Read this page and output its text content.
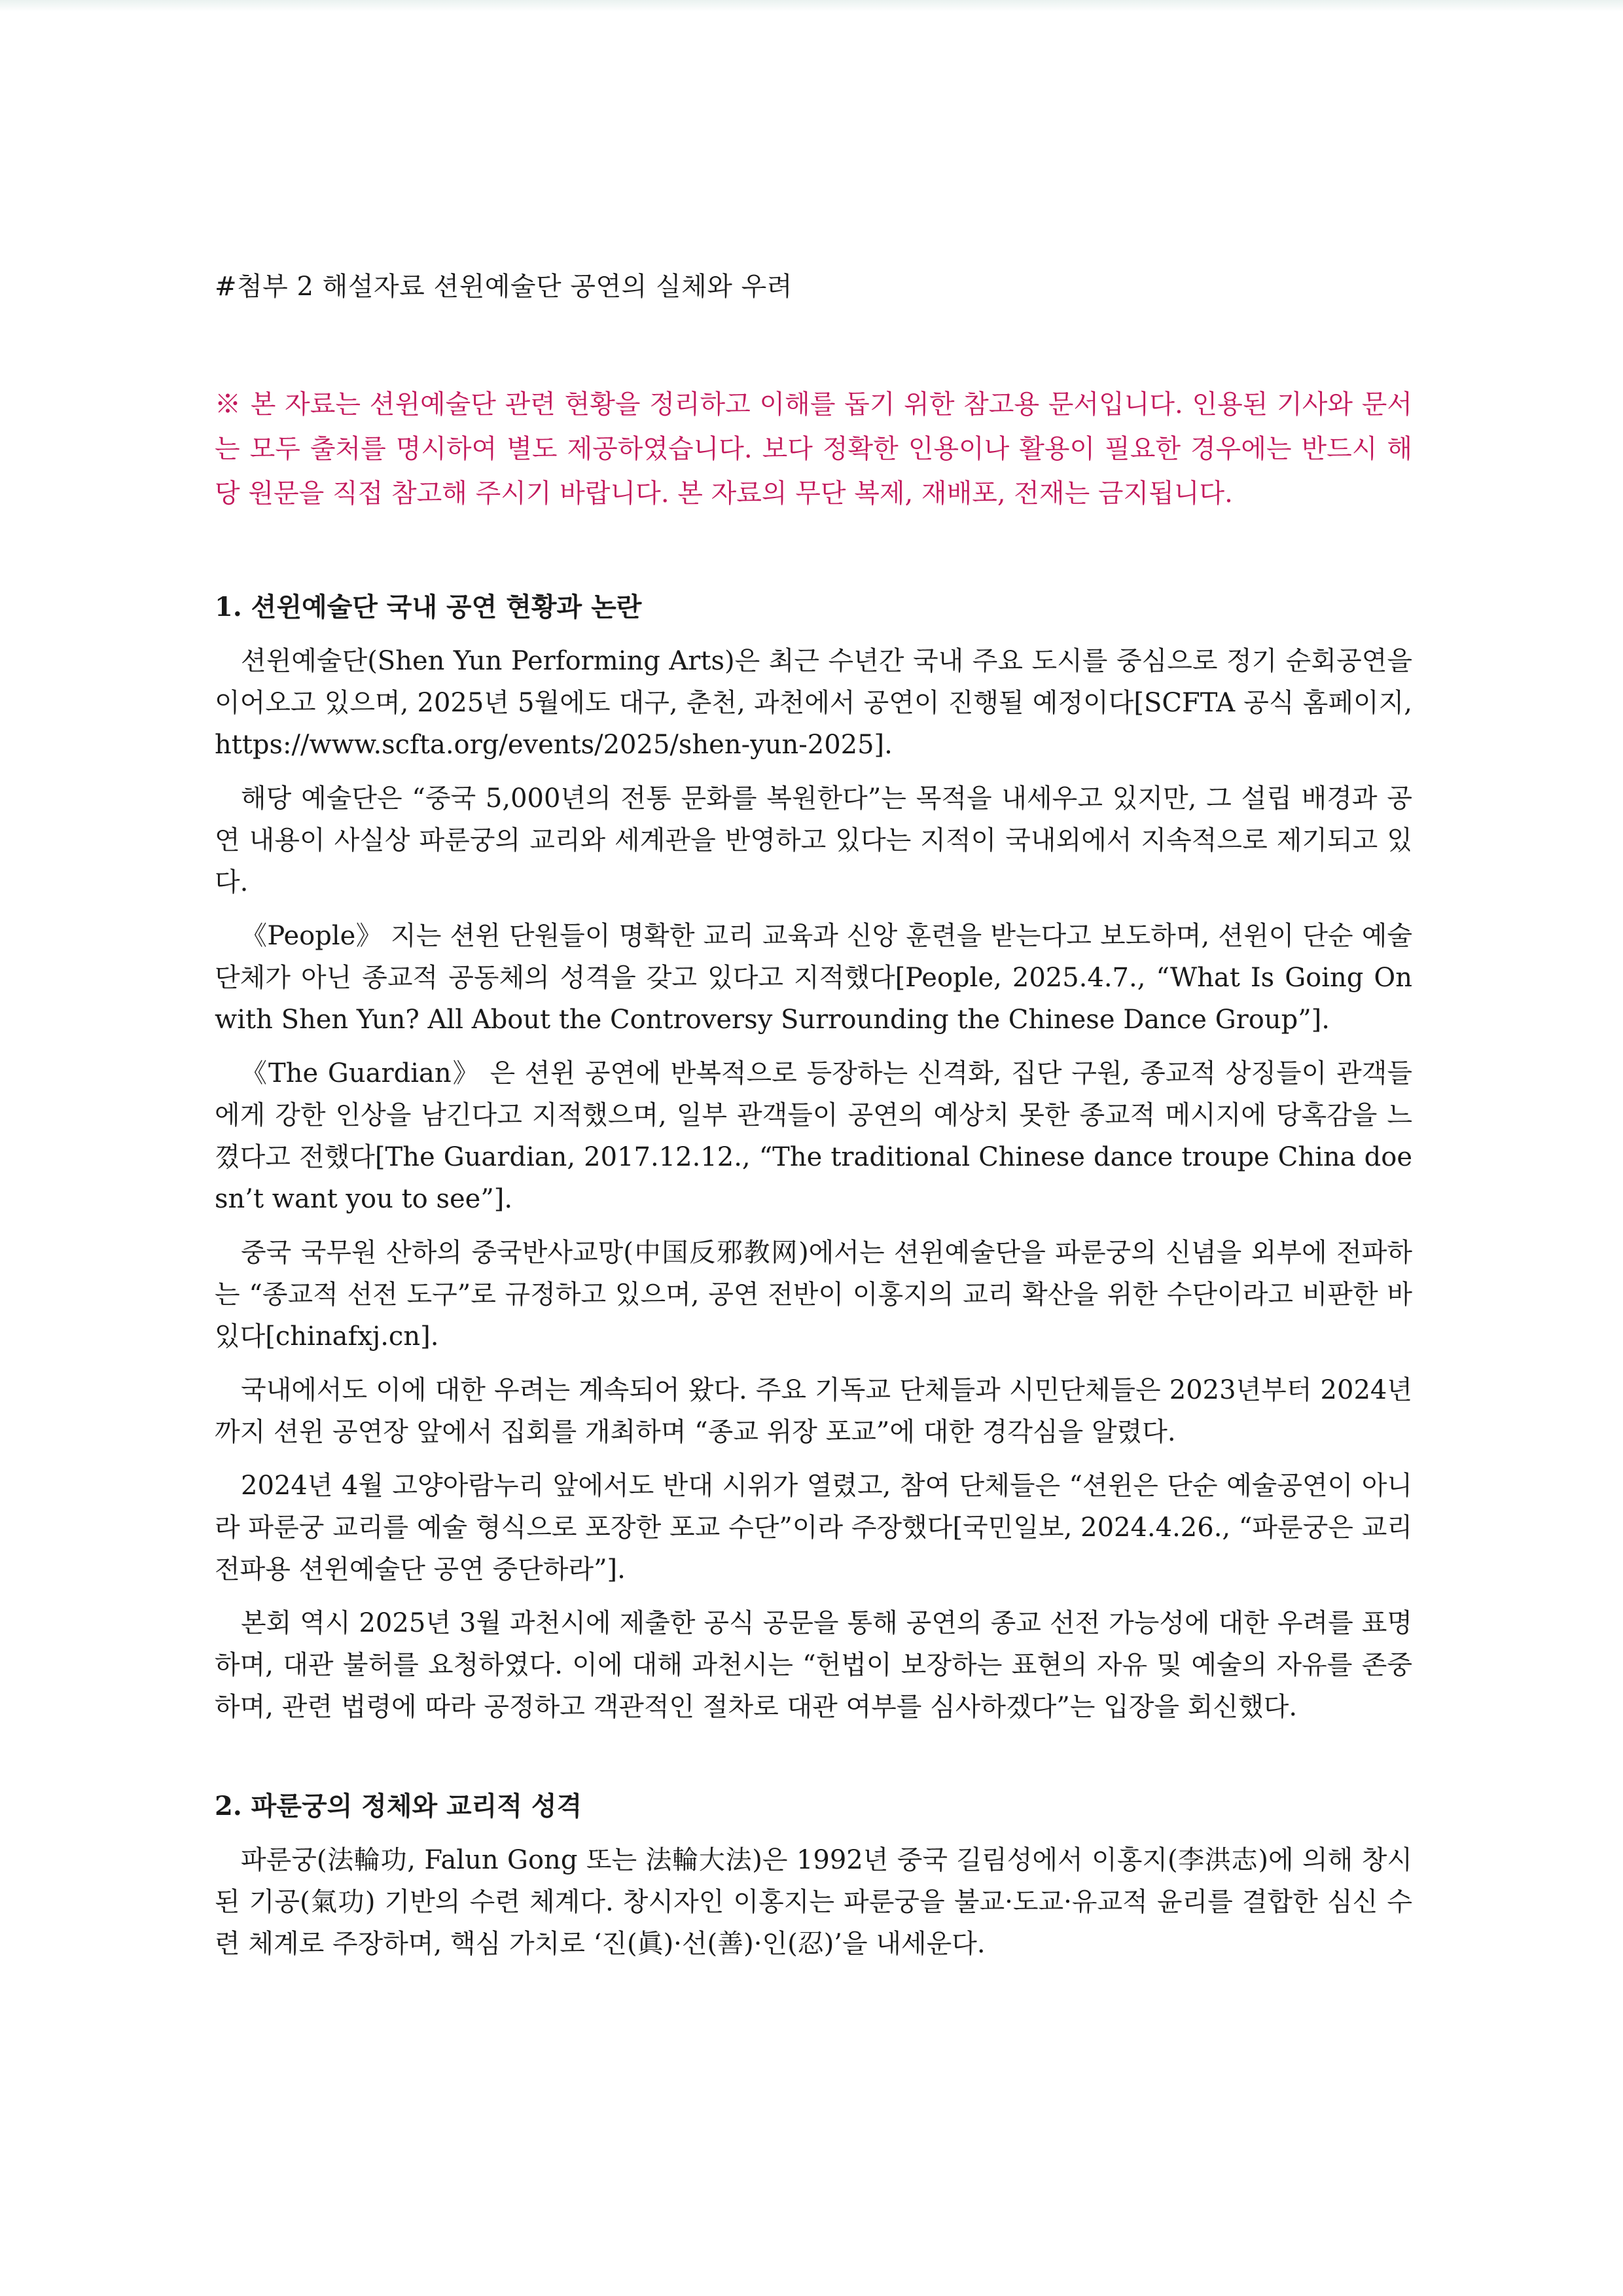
#첨부 2 해설자료 션윈예술단 공연의 실체와 우려
※ 본 자료는 션윈예술단 관련 현황을 정리하고 이해를 돕기 위한 참고용 문서입니다. 인용된 기사와 문서는 모두 출처를 명시하여 별도 제공하였습니다. 보다 정확한 인용이나 활용이 필요한 경우에는 반드시 해당 원문을 직접 참고해 주시기 바랍니다. 본 자료의 무단 복제, 재배포, 전재는 금지됩니다.
1. 션윈예술단 국내 공연 현황과 논란
션윈예술단(Shen Yun Performing Arts)은 최근 수년간 국내 주요 도시를 중심으로 정기 순회공연을 이어오고 있으며, 2025년 5월에도 대구, 춘천, 과천에서 공연이 진행될 예정이다[SCFTA 공식 홈페이지, https://www.scfta.org/events/2025/shen-yun-2025].
해당 예술단은 “중국 5,000년의 전통 문화를 복원한다”는 목적을 내세우고 있지만, 그 설립 배경과 공연 내용이 사실상 파룬궁의 교리와 세계관을 반영하고 있다는 지적이 국내외에서 지속적으로 제기되고 있다.
《People》 지는 션윈 단원들이 명확한 교리 교육과 신앙 훈련을 받는다고 보도하며, 션윈이 단순 예술단체가 아닌 종교적 공동체의 성격을 갖고 있다고 지적했다[People, 2025.4.7., “What Is Going On with Shen Yun? All About the Controversy Surrounding the Chinese Dance Group”].
《The Guardian》 은 션윈 공연에 반복적으로 등장하는 신격화, 집단 구원, 종교적 상징들이 관객들에게 강한 인상을 남긴다고 지적했으며, 일부 관객들이 공연의 예상치 못한 종교적 메시지에 당혹감을 느꼈다고 전했다[The Guardian, 2017.12.12., “The traditional Chinese dance troupe China doesn’t want you to see”].
중국 국무원 산하의 중국반사교망(中国反邪教网)에서는 션윈예술단을 파룬궁의 신념을 외부에 전파하는 “종교적 선전 도구”로 규정하고 있으며, 공연 전반이 이홍지의 교리 확산을 위한 수단이라고 비판한 바 있다[chinafxj.cn].
국내에서도 이에 대한 우려는 계속되어 왔다. 주요 기독교 단체들과 시민단체들은 2023년부터 2024년까지 션윈 공연장 앞에서 집회를 개최하며 “종교 위장 포교”에 대한 경각심을 알렸다.
2024년 4월 고양아람누리 앞에서도 반대 시위가 열렸고, 참여 단체들은 “션윈은 단순 예술공연이 아니라 파룬궁 교리를 예술 형식으로 포장한 포교 수단”이라 주장했다[국민일보, 2024.4.26., “파룬궁은 교리 전파용 션윈예술단 공연 중단하라”].
본회 역시 2025년 3월 과천시에 제출한 공식 공문을 통해 공연의 종교 선전 가능성에 대한 우려를 표명하며, 대관 불허를 요청하였다. 이에 대해 과천시는 “헌법이 보장하는 표현의 자유 및 예술의 자유를 존중하며, 관련 법령에 따라 공정하고 객관적인 절차로 대관 여부를 심사하겠다”는 입장을 회신했다.
2. 파룬궁의 정체와 교리적 성격
파룬궁(法輪功, Falun Gong 또는 法輪大法)은 1992년 중국 길림성에서 이홍지(李洪志)에 의해 창시된 기공(氣功) 기반의 수련 체계다. 창시자인 이홍지는 파룬궁을 불교·도교·유교적 윤리를 결합한 심신 수련 체계로 주장하며, 핵심 가치로 ‘진(眞)·선(善)·인(忍)’을 내세운다.
